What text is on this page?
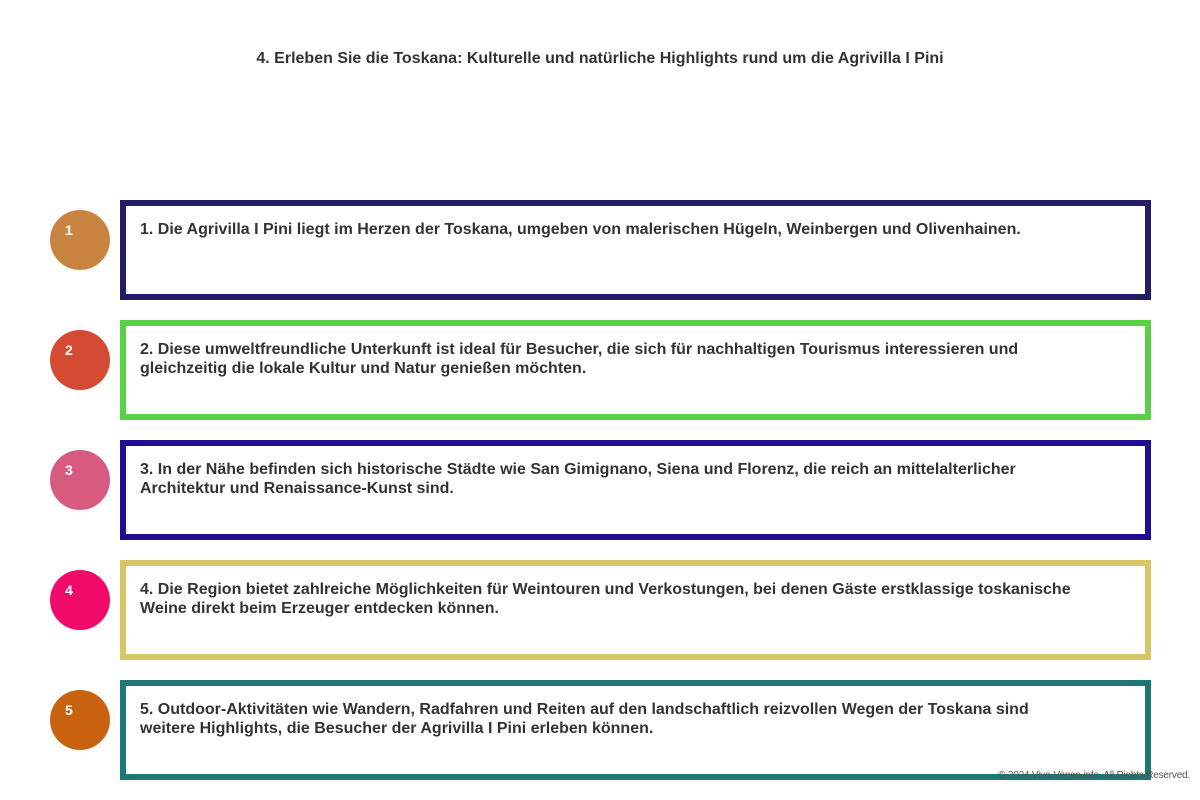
4. Erleben Sie die Toskana: Kulturelle und natürliche Highlights rund um die Agrivilla I Pini
1	1. Die Agrivilla I Pini liegt im Herzen der Toskana, umgeben von malerischen Hügeln, Weinbergen und Olivenhainen.
2	2. Diese umweltfreundliche Unterkunft ist ideal für Besucher, die sich für nachhaltigen Tourismus interessieren und gleichzeitig die lokale Kultur und Natur genießen möchten.
3	3. In der Nähe befinden sich historische Städte wie San Gimignano, Siena und Florenz, die reich an mittelalterlicher Architektur und Renaissance-Kunst sind.
4	4. Die Region bietet zahlreiche Möglichkeiten für Weintouren und Verkostungen, bei denen Gäste erstklassige toskanische Weine direkt beim Erzeuger entdecken können.
5	5. Outdoor-Aktivitäten wie Wandern, Radfahren und Reiten auf den landschaftlich reizvollen Wegen der Toskana sind weitere Highlights, die Besucher der Agrivilla I Pini erleben können.
© 2024 Viva-Vegan.info. All Rights Reserved.
